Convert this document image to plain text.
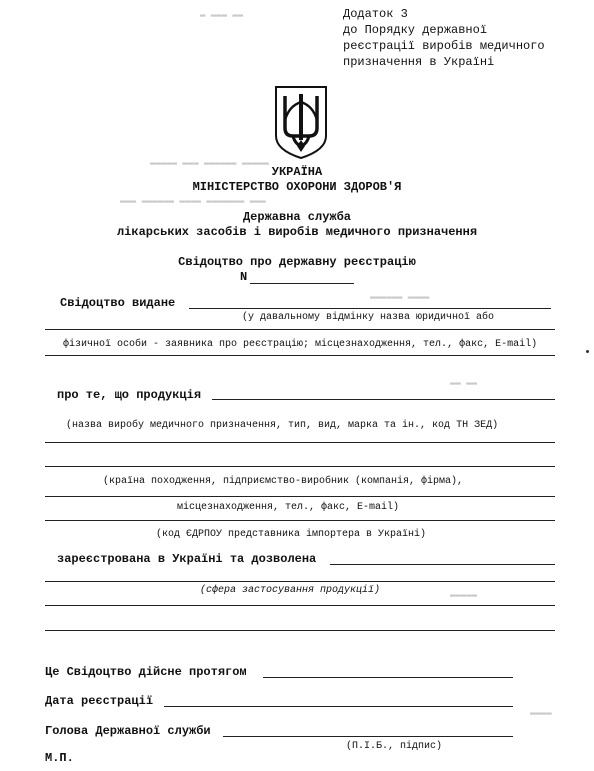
Додаток 3
до Порядку державної
реєстрації виробів медичного
призначення в Україні
▬ ▬▬▬ ▬▬
▬▬▬▬▬ ▬▬▬ ▬▬▬▬▬▬ ▬▬▬▬▬
▬▬▬ ▬▬▬▬▬▬ ▬▬▬▬ ▬▬▬▬▬▬▬ ▬▬▬
▬▬▬▬▬▬ ▬▬▬▬
▬▬ ▬▬
▬▬▬▬▬
▬▬▬▬
УКРАЇНА
МІНІСТЕРСТВО ОХОРОНИ ЗДОРОВ'Я
Державна служба
лікарських засобів і виробів медичного призначення
Свідоцтво про державну реєстрацію
N
Свідоцтво видане
(у давальному відмінку назва юридичної або
фізичної особи - заявника про реєстрацію; місцезнаходження, тел., факс, E-mail)
про те, що продукція
(назва виробу медичного призначення, тип, вид, марка та ін., код ТН ЗЕД)
(країна походження, підприємство-виробник (компанія, фірма),
місцезнаходження, тел., факс, E-mail)
(код ЄДРПОУ представника імпортера в Україні)
зареєстрована в Україні та дозволена
(сфера застосування продукції)
Це Свідоцтво дійсне протягом
Дата реєстрації
Голова Державної служби
(П.І.Б., підпис)
М.П.
